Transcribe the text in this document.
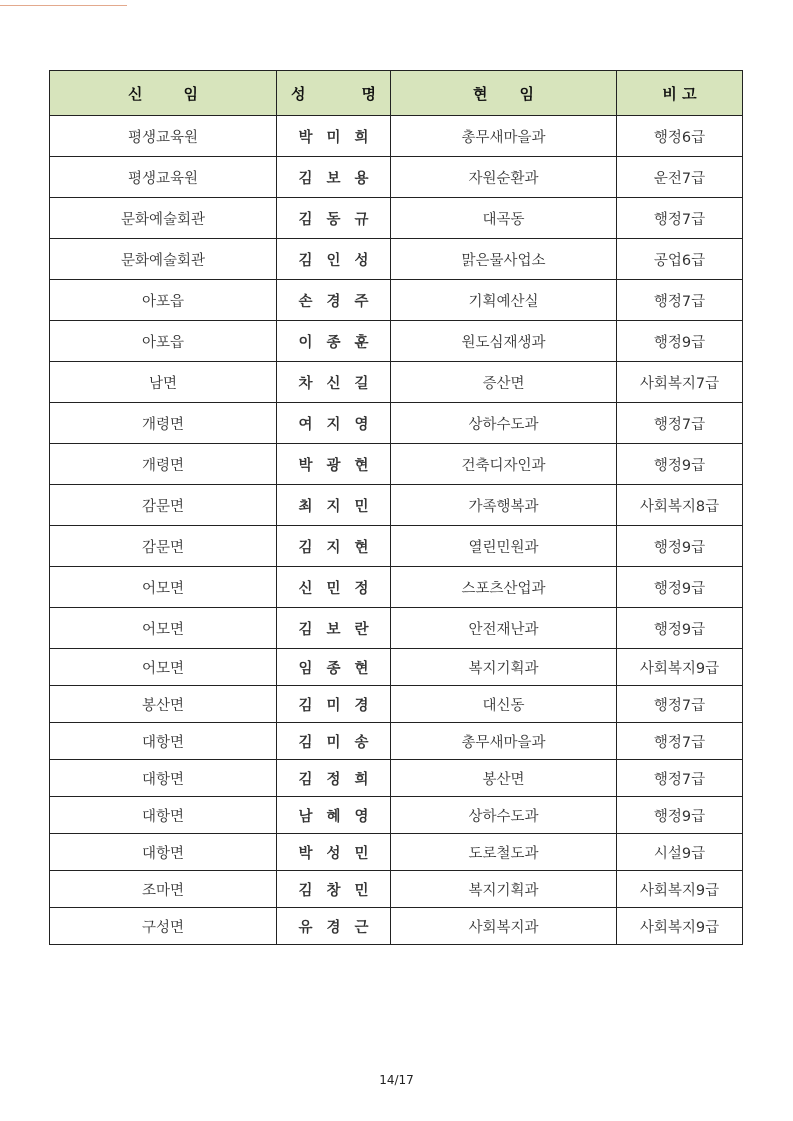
신 임	성 명	현 임	비 고
평생교육원	박미희	총무새마을과	행정6급
평생교육원	김보용	자원순환과	운전7급
문화예술회관	김동규	대곡동	행정7급
문화예술회관	김인성	맑은물사업소	공업6급
아포읍	손경주	기획예산실	행정7급
아포읍	이종훈	원도심재생과	행정9급
남면	차신길	증산면	사회복지7급
개령면	여지영	상하수도과	행정7급
개령면	박광현	건축디자인과	행정9급
감문면	최지민	가족행복과	사회복지8급
감문면	김지현	열린민원과	행정9급
어모면	신민정	스포츠산업과	행정9급
어모면	김보란	안전재난과	행정9급
어모면	임종현	복지기획과	사회복지9급
봉산면	김미경	대신동	행정7급
대항면	김미송	총무새마을과	행정7급
대항면	김정희	봉산면	행정7급
대항면	남혜영	상하수도과	행정9급
대항면	박성민	도로철도과	시설9급
조마면	김창민	복지기획과	사회복지9급
구성면	유경근	사회복지과	사회복지9급
14/17
